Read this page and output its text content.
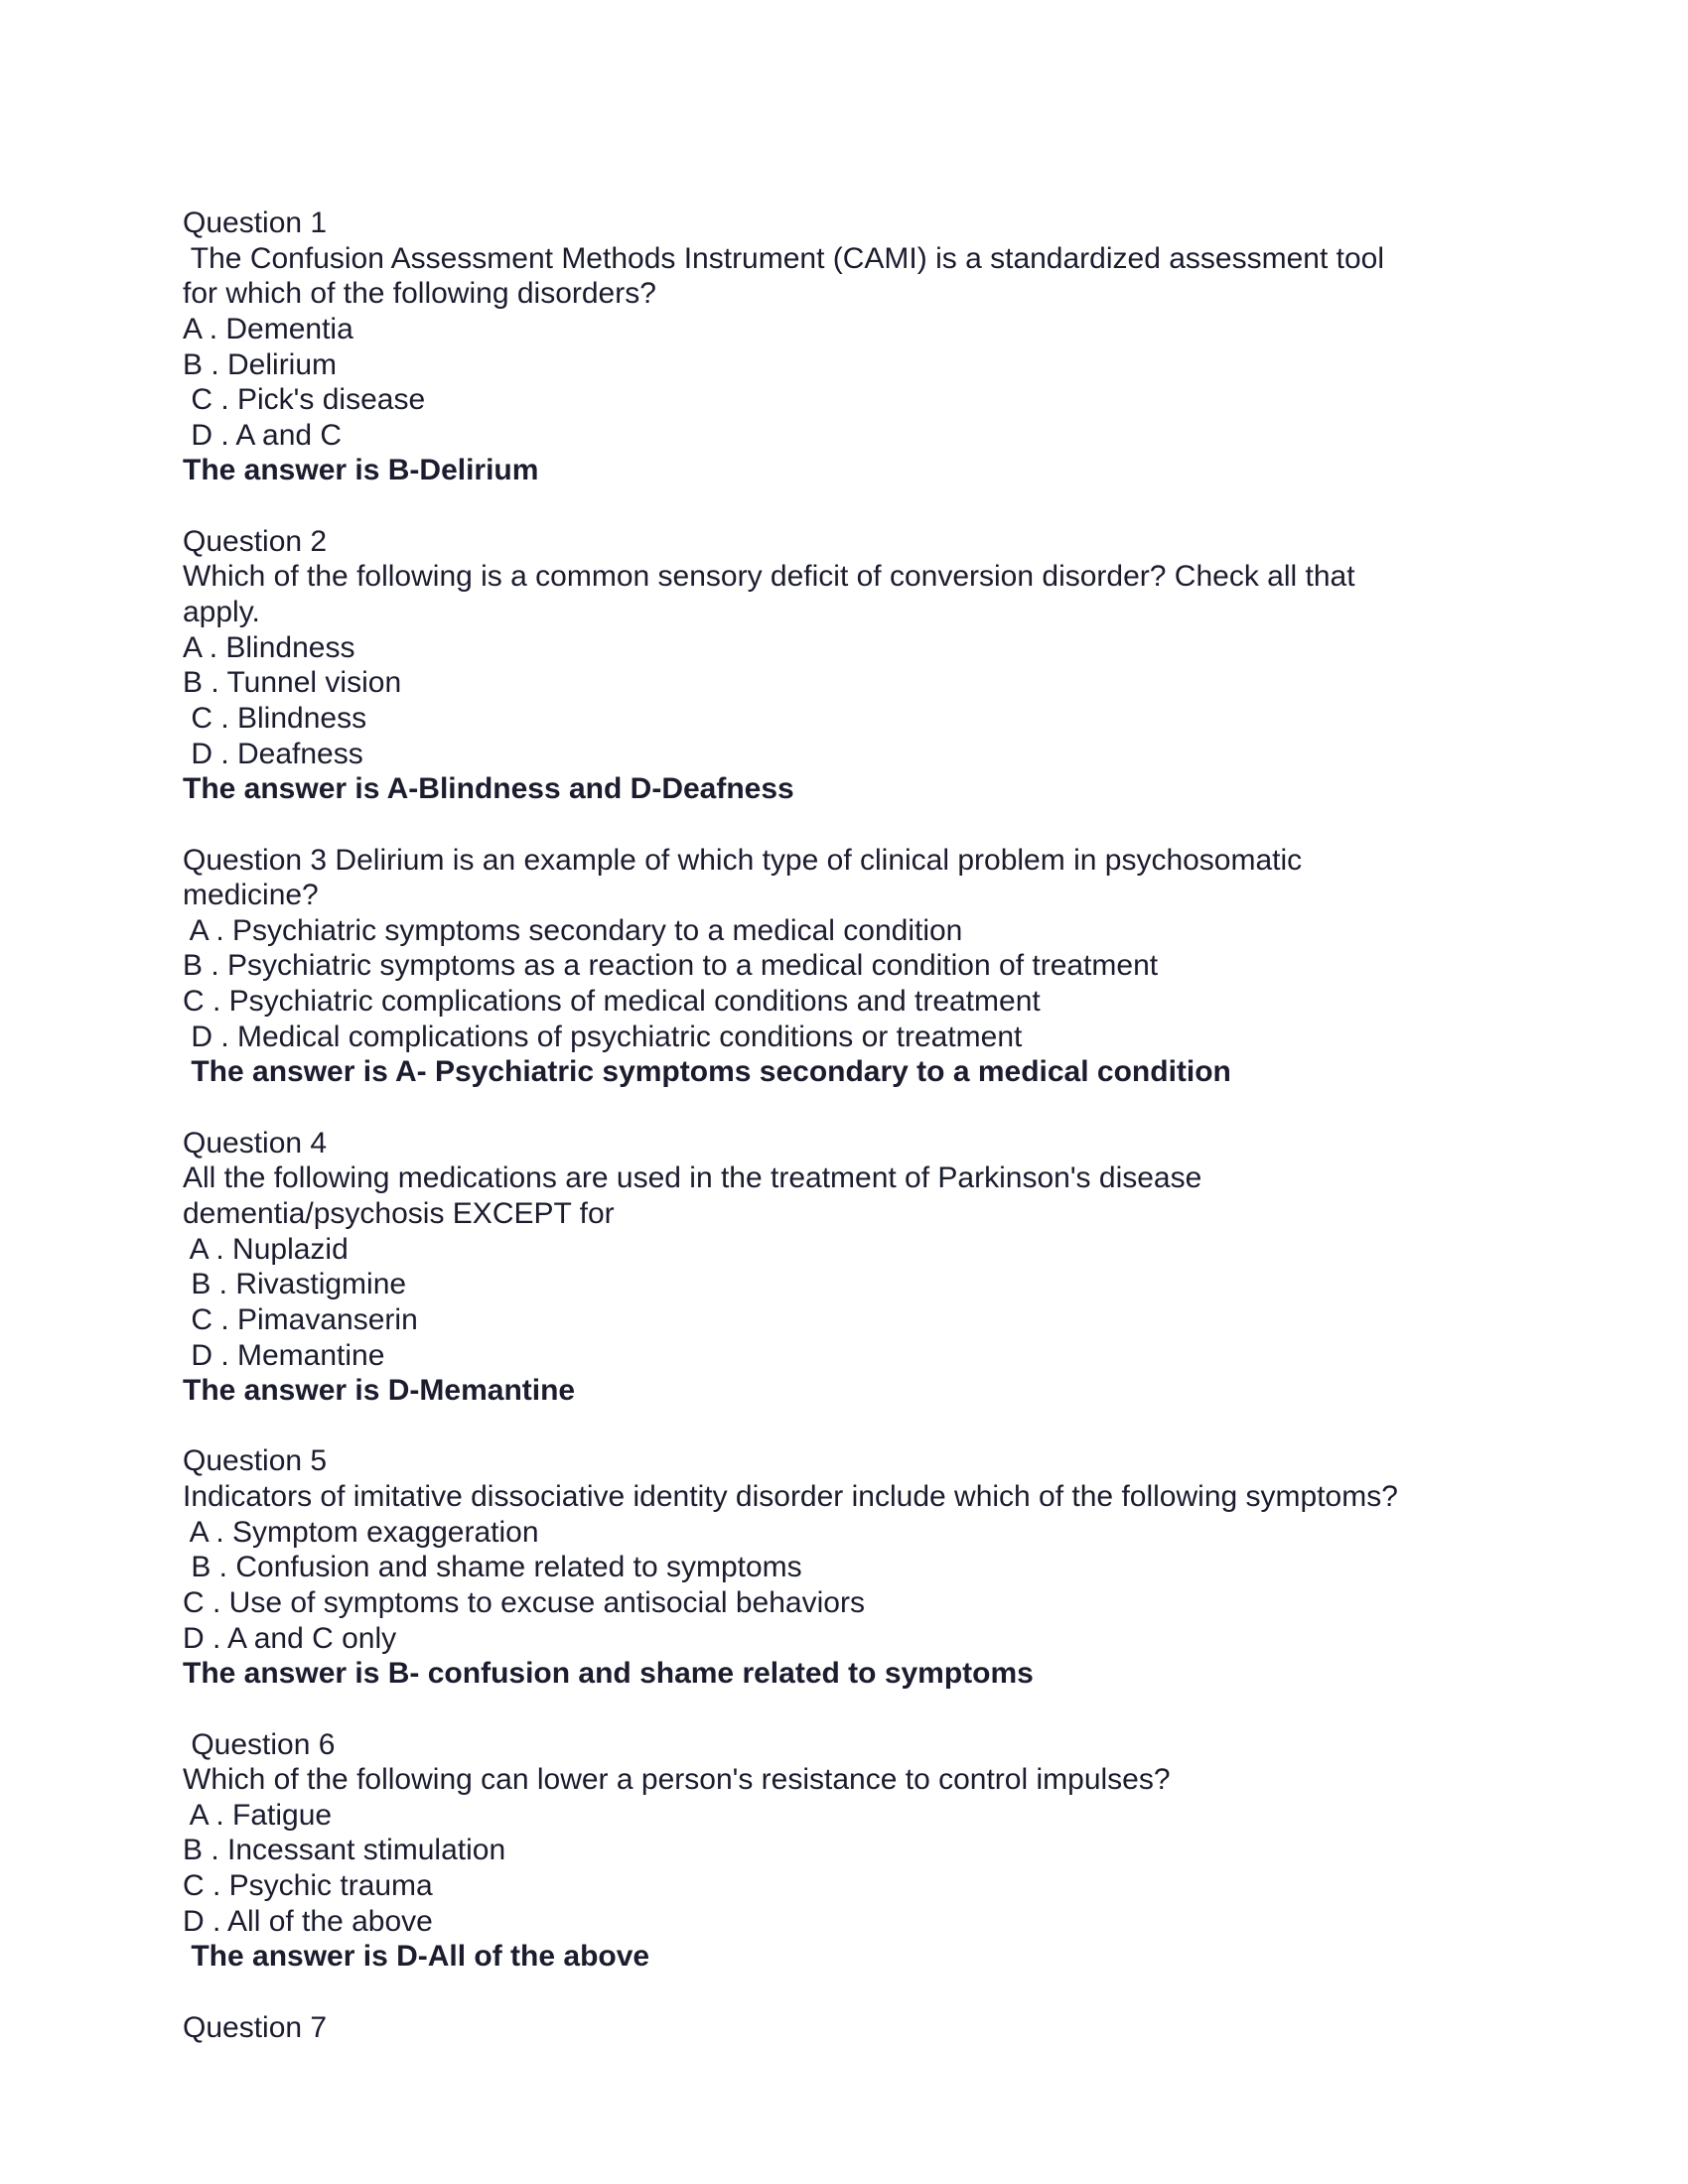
Question 1
The Confusion Assessment Methods Instrument (CAMI) is a standardized assessment tool
for which of the following disorders?
A . Dementia
B . Delirium
C . Pick's disease
D . A and C
The answer is B-Delirium
Question 2
Which of the following is a common sensory deficit of conversion disorder? Check all that
apply.
A . Blindness
B . Tunnel vision
C . Blindness
D . Deafness
The answer is A-Blindness and D-Deafness
Question 3 Delirium is an example of which type of clinical problem in psychosomatic
medicine?
A . Psychiatric symptoms secondary to a medical condition
B . Psychiatric symptoms as a reaction to a medical condition of treatment
C . Psychiatric complications of medical conditions and treatment
D . Medical complications of psychiatric conditions or treatment
The answer is A- Psychiatric symptoms secondary to a medical condition
Question 4
All the following medications are used in the treatment of Parkinson's disease
dementia/psychosis EXCEPT for
A . Nuplazid
B . Rivastigmine
C . Pimavanserin
D . Memantine
The answer is D-Memantine
Question 5
Indicators of imitative dissociative identity disorder include which of the following symptoms?
A . Symptom exaggeration
B . Confusion and shame related to symptoms
C . Use of symptoms to excuse antisocial behaviors
D . A and C only
The answer is B- confusion and shame related to symptoms
Question 6
Which of the following can lower a person's resistance to control impulses?
A . Fatigue
B . Incessant stimulation
C . Psychic trauma
D . All of the above
The answer is D-All of the above
Question 7
